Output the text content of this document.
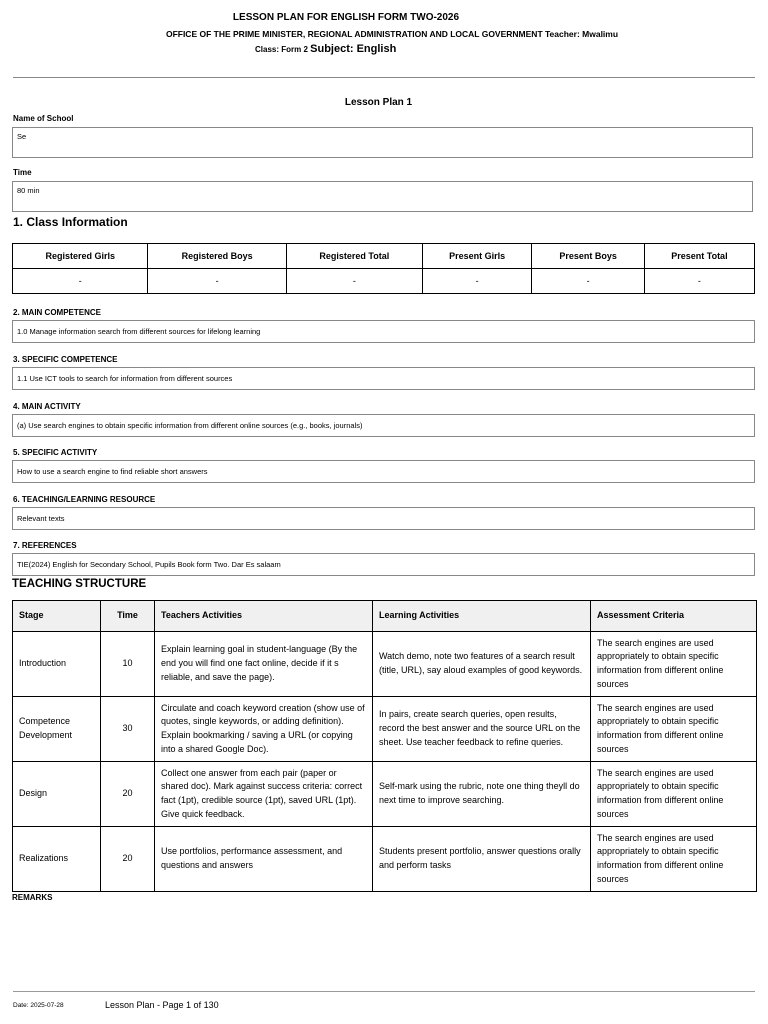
LESSON PLAN FOR ENGLISH FORM TWO-2026
OFFICE OF THE PRIME MINISTER, REGIONAL ADMINISTRATION AND LOCAL GOVERNMENT Teacher: Mwalimu
Class: Form 2 Subject: English
Lesson Plan 1
Name of School
Se
Time
80 min
1. Class Information
Registered Girls	Registered Boys	Registered Total	Present Girls	Present Boys	Present Total
-	-	-	-	-	-
2. MAIN COMPETENCE
1.0 Manage information search from different sources for lifelong learning
3. SPECIFIC COMPETENCE
1.1 Use ICT tools to search for information from different sources
4. MAIN ACTIVITY
(a) Use search engines to obtain specific information from different online sources (e.g., books, journals)
5. SPECIFIC ACTIVITY
How to use a search engine to find reliable short answers
6. TEACHING/LEARNING RESOURCE
Relevant texts
7. REFERENCES
TIE(2024) English for Secondary School, Pupils Book form Two. Dar Es salaam
TEACHING STRUCTURE
Stage	Time	Teachers Activities	Learning Activities	Assessment Criteria
Introduction	10	Explain learning goal in student-language (By the end you will find one fact online, decide if it s reliable, and save the page).	Watch demo, note two features of a search result (title, URL), say aloud examples of good keywords.	The search engines are used appropriately to obtain specific information from different online sources
Competence Development	30	Circulate and coach keyword creation (show use of quotes, single keywords, or adding definition). Explain bookmarking / saving a URL (or copying into a shared Google Doc).	In pairs, create search queries, open results, record the best answer and the source URL on the sheet. Use teacher feedback to refine queries.	The search engines are used appropriately to obtain specific information from different online sources
Design	20	Collect one answer from each pair (paper or shared doc). Mark against success criteria: correct fact (1pt), credible source (1pt), saved URL (1pt). Give quick feedback.	Self-mark using the rubric, note one thing theyll do next time to improve searching.	The search engines are used appropriately to obtain specific information from different online sources
Realizations	20	Use portfolios, performance assessment, and questions and answers	Students present portfolio, answer questions orally and perform tasks	The search engines are used appropriately to obtain specific information from different online sources
REMARKS
Date: 2025-07-28	Lesson Plan - Page 1 of 130
